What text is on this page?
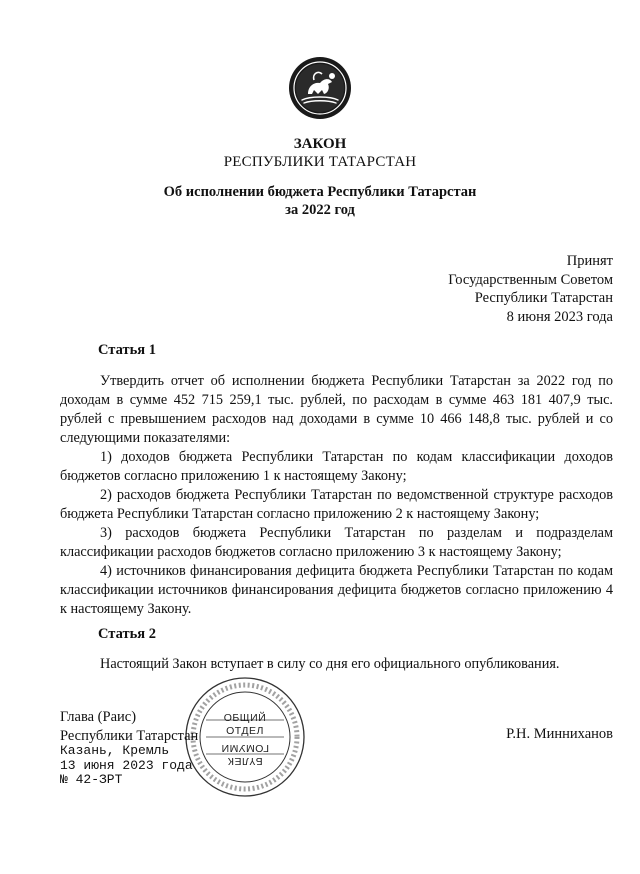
ЗАКОН
РЕСПУБЛИКИ ТАТАРСТАН
Об исполнении бюджета Республики Татарстан
за 2022 год
Принят
Государственным Советом
Республики Татарстан
8 июня 2023 года
Статья 1

Утвердить отчет об исполнении бюджета Республики Татарстан за 2022 год по доходам в сумме 452 715 259,1 тыс. рублей, по расходам в сумме 463 181 407,9 тыс. рублей с превышением расходов над доходами в сумме 10 466 148,8 тыс. рублей и со следующими показателями:

1) доходов бюджета Республики Татарстан по кодам классификации доходов бюджетов согласно приложению 1 к настоящему Закону;

2) расходов бюджета Республики Татарстан по ведомственной структуре расходов бюджета Республики Татарстан согласно приложению 2 к настоящему Закону;

3) расходов бюджета Республики Татарстан по разделам и подразделам классификации расходов бюджетов согласно приложению 3 к настоящему Закону;

4) источников финансирования дефицита бюджета Республики Татарстан по кодам классификации источников финансирования дефицита бюджетов согласно приложению 4 к настоящему Закону.

Статья 2

Настоящий Закон вступает в силу со дня его официального опубликования.

ОБЩИЙ
ОТДЕЛ
ГОМУМИ
БҮЛЕК
Глава (Раис)
Республики Татарстан	Р.Н. Минниханов
Казань, Кремль
13 июня 2023 года
№ 42-ЗРТ
